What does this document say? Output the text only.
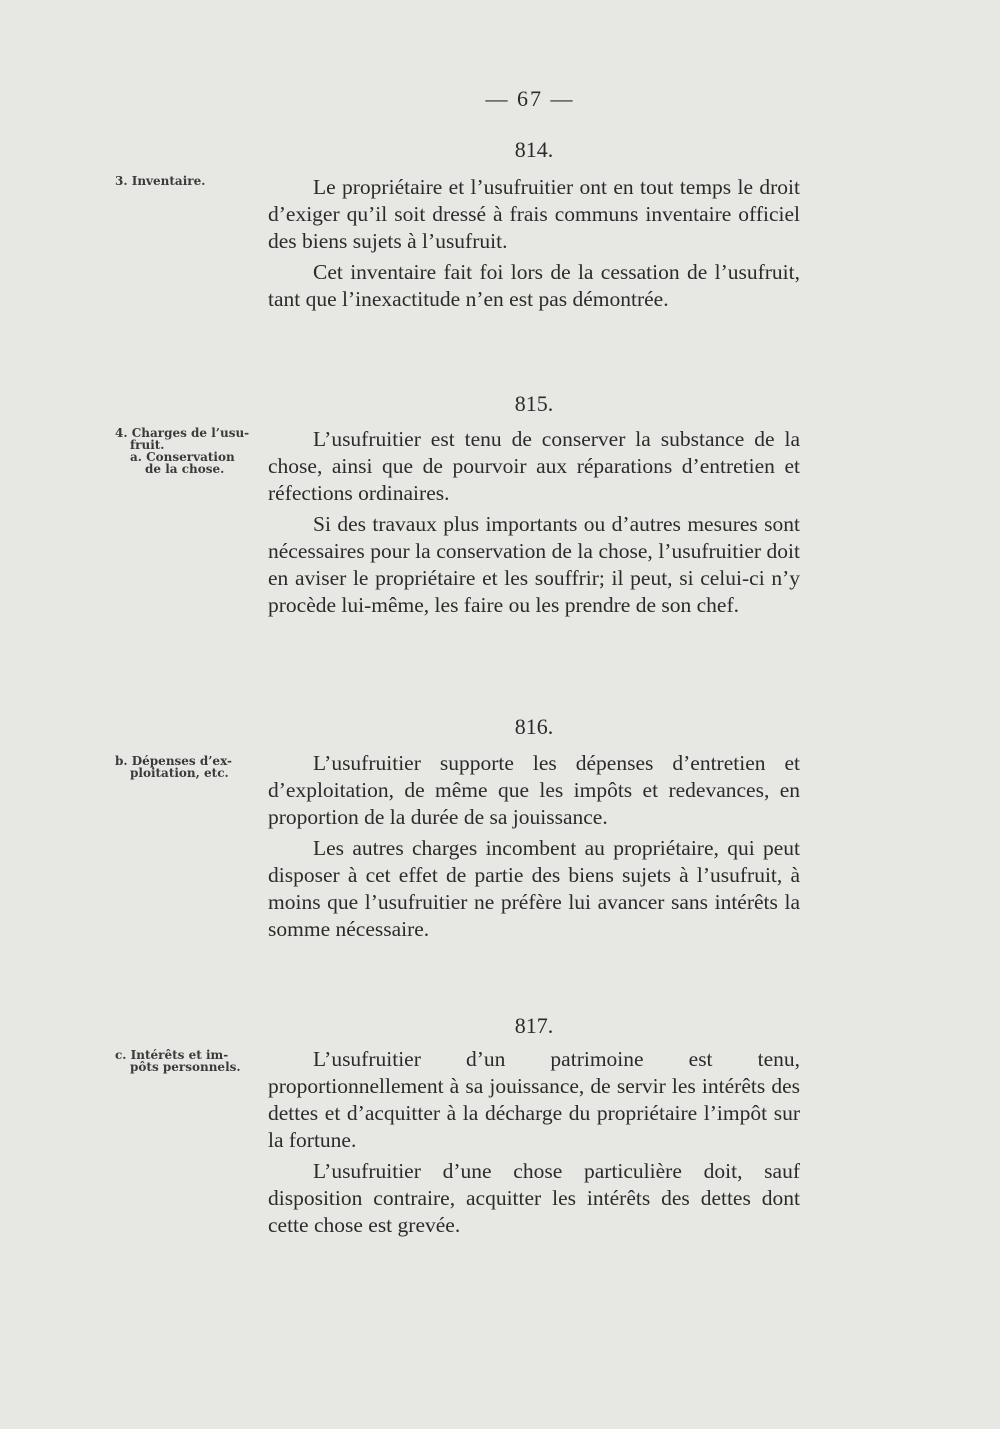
— 67 —
814.
3. Inventaire.	Le propriétaire et l’usufruitier ont en tout temps le droit d’exiger qu’il soit dressé à frais communs inventaire officiel des biens sujets à l’usufruit.

Cet inventaire fait foi lors de la cessation de l’usufruit, tant que l’inexactitude n’en est pas démontrée.

815.
4. Charges de l’usu-
fruit.
a. Conservation
de la chose.

L’usufruitier est tenu de conserver la substance de la chose, ainsi que de pourvoir aux réparations d’entretien et réfections ordinaires.

Si des travaux plus importants ou d’autres mesures sont nécessaires pour la conservation de la chose, l’usufruitier doit en aviser le propriétaire et les souffrir; il peut, si celui-ci n’y procède lui-même, les faire ou les prendre de son chef.

816.
b. Dépenses d’ex-
ploitation, etc.	L’usufruitier supporte les dépenses d’entretien et d’exploitation, de même que les impôts et redevances, en proportion de la durée de sa jouissance.

Les autres charges incombent au propriétaire, qui peut disposer à cet effet de partie des biens sujets à l’usufruit, à moins que l’usufruitier ne préfère lui avancer sans intérêts la somme nécessaire.

817.
c. Intérêts et im-
pôts personnels.	L’usufruitier d’un patrimoine est tenu, proportionnellement à sa jouissance, de servir les intérêts des dettes et d’acquitter à la décharge du propriétaire l’impôt sur la fortune.

L’usufruitier d’une chose particulière doit, sauf disposition contraire, acquitter les intérêts des dettes dont cette chose est grevée.
